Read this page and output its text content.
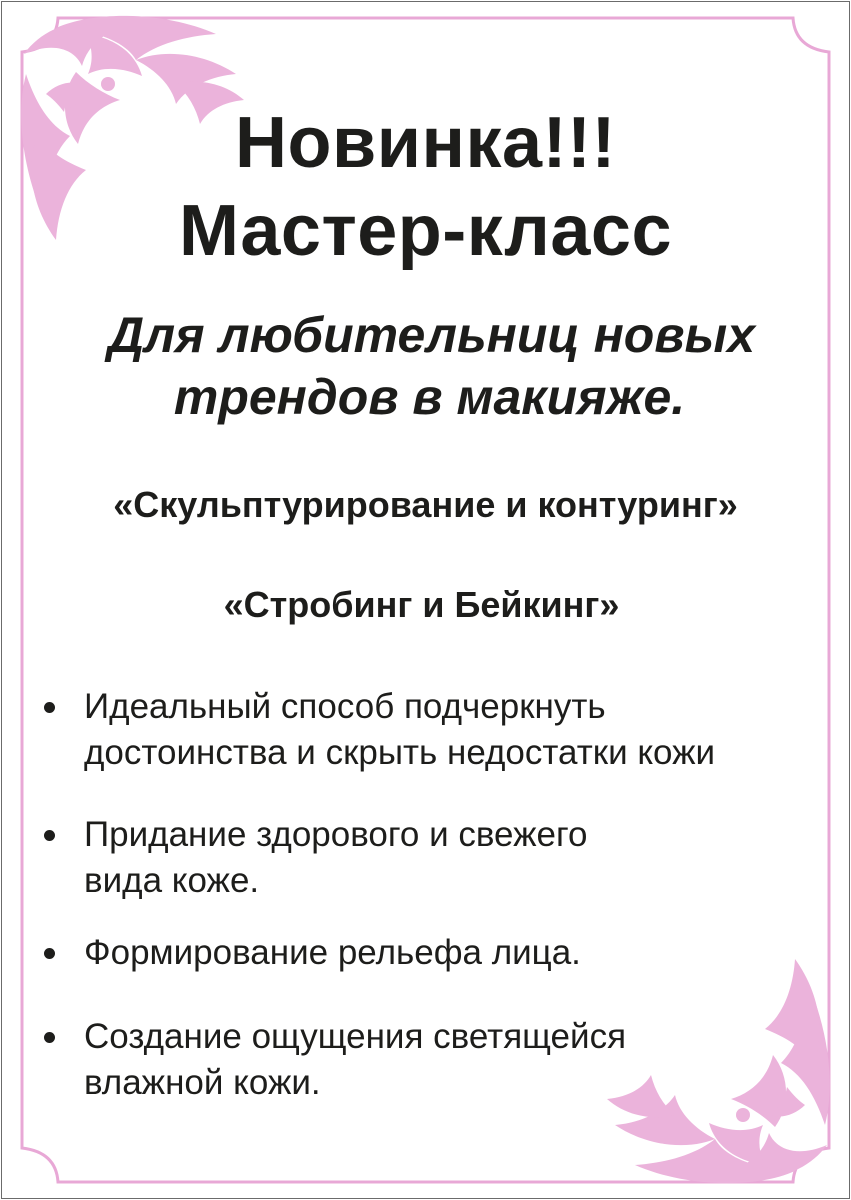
Новинка!!!
Мастер-класс
Для любительниц новых
трендов в макияже.
«Скульптурирование и контуринг»
«Стробинг и Бейкинг»
Идеальный способ подчеркнуть
достоинства и скрыть недостатки кожи
Придание здорового и свежего
вида коже.
Формирование рельефа лица.
Создание ощущения светящейся
влажной кожи.
